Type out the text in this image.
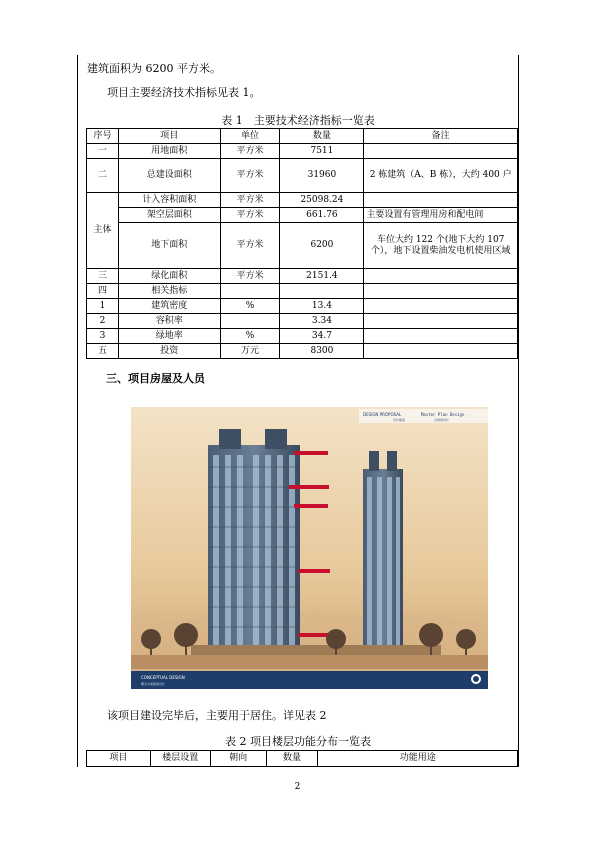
建筑面积为 6200 平方米。
项目主要经济技术指标见表 1。
表 1　主要技术经济指标一览表
序号	项目	单位	数量	备注
一	用地面积	平方米	7511	
二	总建设面积	平方米	31960	2 栋建筑（A、B 栋），大约 400 户
主体	计入容积面积	平方米	25098.24	
	架空层面积	平方米	661.76	主要设置有管理用房和配电间
	地下面积	平方米	6200	车位大约 122 个(地下大约 107 个），地下设置柴油发电机使用区域
三	绿化面积	平方米	2151.4	
四	相关指标			
1	建筑密度	%	13.4	
2	容积率		3.34	
3	绿地率	%	34.7	
五	投资	万元	8300	
三、项目房屋及人员
DESIGN PROPOSAL
设计提案
Master Plan Design
总规划设计
CONCEPTUAL DESIGN
概念方案规划设计
该项目建设完毕后，主要用于居住。详见表 2
表 2 项目楼层功能分布一览表
项目	楼层设置	朝向	数量	功能用途
2
